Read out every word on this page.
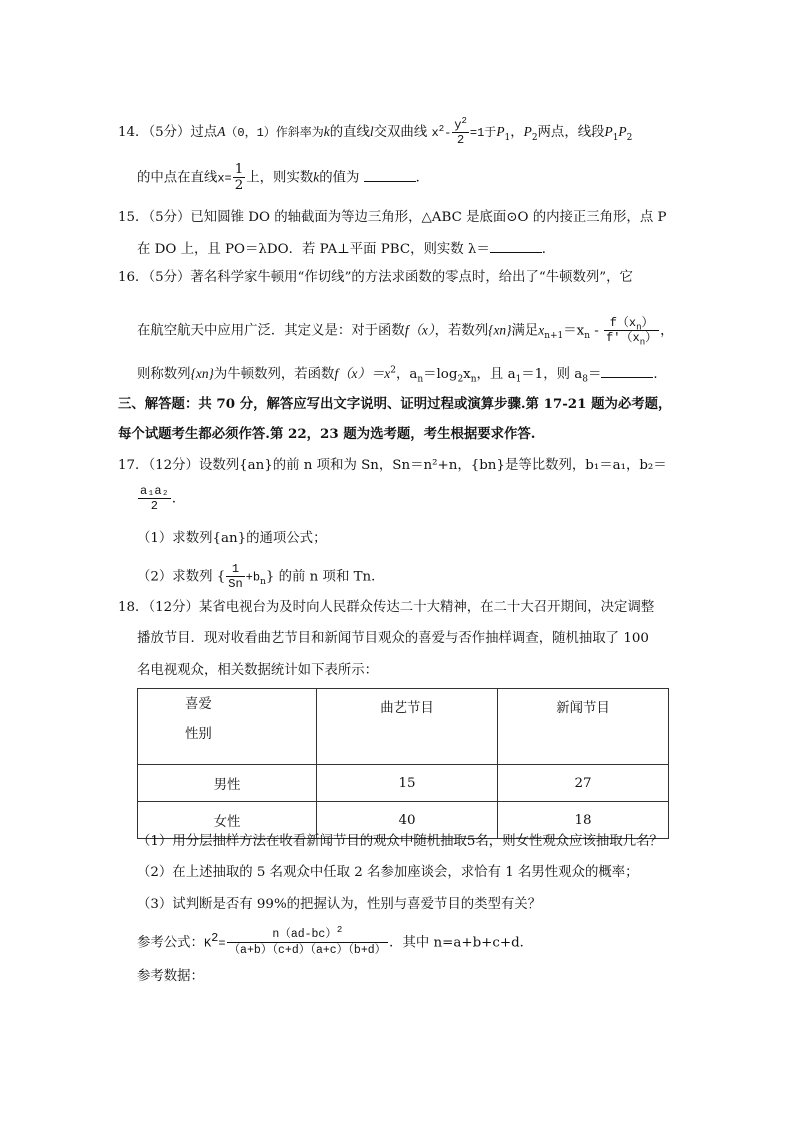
14．（5分）过点A（0，1）作斜率为k的直线l交双曲线 $x^2- \frac{y^2}{2} =1$于$P_1$，$P_2$两点，线段$P_1P_2$
的中点在直线$x= \frac{1}{2}$ 上，则实数k的值为	．
15．（5分）已知圆锥 DO 的轴截面为等边三角形，△ABC 是底面⊙O 的内接正三角形，点 P
在 DO 上，且 PO＝λDO．若 PA⊥平面 PBC，则实数 λ＝	．
16．（5分）著名科学家牛顿用“作切线”的方法求函数的零点时，给出了“牛顿数列”，它
在航空航天中应用广泛．其定义是：对于函数f（x），若数列{xn}满足$x_{n+1}=x_n - \frac{f(x_n)}{f'(x_n)}$ ，
则称数列{xn}为牛顿数列，若函数$f(x)=x^2$，$a_n=\log_2x_n$，且 $a_1=1$，则 $a_8=$	．
三、解答题：共 70 分，解答应写出文字说明、证明过程或演算步骤.第 17-21 题为必考题，
每个试题考生都必须作答.第 22，23 题为选考题，考生根据要求作答.
17．（12分）设数列{an}的前 n 项和为 Sn，Sn＝n²+n，{bn}是等比数列，b₁＝a₁，b₂＝
$\frac{\text{a₁a₂}}{2}$ ．
（1）求数列{an}的通项公式；
（2）求数列 { $\frac{1}{Sn} +b_n$} 的前 n 项和 Tn．
18．（12分）某省电视台为及时向人民群众传达二十大精神，在二十大召开期间，决定调整
播放节目．现对收看曲艺节目和新闻节目观众的喜爱与否作抽样调查，随机抽取了 100
名电视观众，相关数据统计如下表所示：
喜爱
性别	曲艺节目	新闻节目
男性	15	27
女性	40	18
（1）用分层抽样方法在收看新闻节目的观众中随机抽取5名，则女性观众应该抽取几名？
（2）在上述抽取的 5 名观众中任取 2 名参加座谈会，求恰有 1 名男性观众的概率；
（3）试判断是否有 99%的把握认为，性别与喜爱节目的类型有关？
参考公式：$K^2= \frac{n(ad-bc)^2}{(a+b)(c+d)(a+c)(b+d)}$ ．其中 n=a+b+c+d．
参考数据：
